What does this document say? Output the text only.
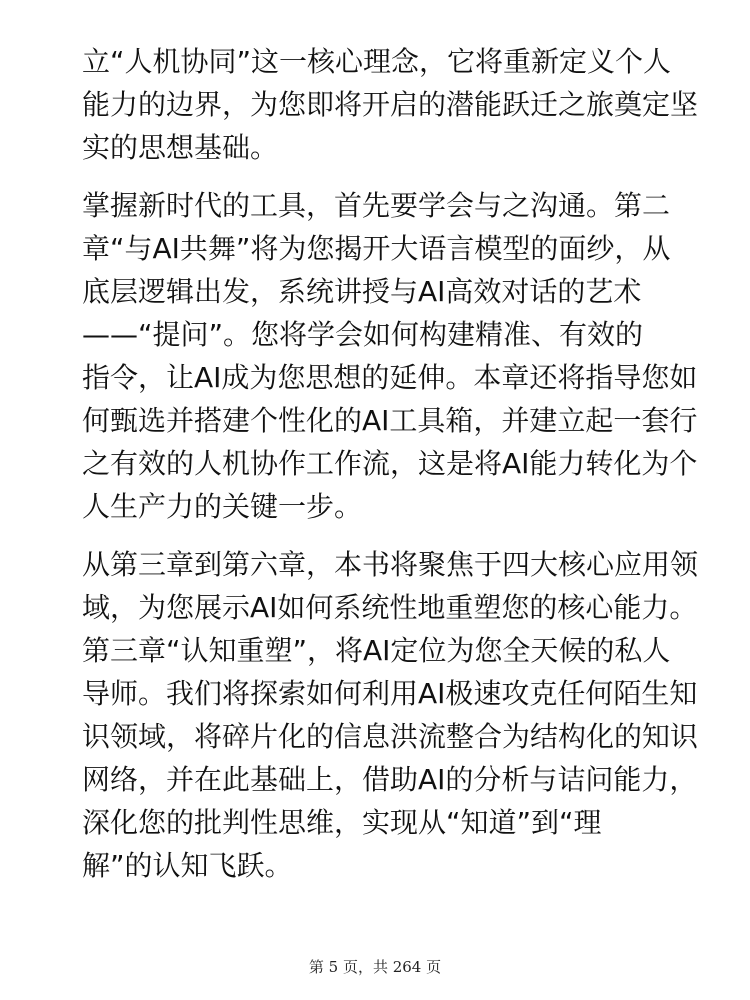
立“人机协同”这一核心理念，它将重新定义个人
能力的边界，为您即将开启的潜能跃迁之旅奠定坚
实的思想基础。

掌握新时代的工具，首先要学会与之沟通。第二
章“与AI共舞”将为您揭开大语言模型的面纱，从
底层逻辑出发，系统讲授与AI高效对话的艺术
——“提问”。您将学会如何构建精准、有效的
指令，让AI成为您思想的延伸。本章还将指导您如
何甄选并搭建个性化的AI工具箱，并建立起一套行
之有效的人机协作工作流，这是将AI能力转化为个
人生产力的关键一步。

从第三章到第六章，本书将聚焦于四大核心应用领
域，为您展示AI如何系统性地重塑您的核心能力。
第三章“认知重塑”，将AI定位为您全天候的私人
导师。我们将探索如何利用AI极速攻克任何陌生知
识领域，将碎片化的信息洪流整合为结构化的知识
网络，并在此基础上，借助AI的分析与诘问能力，
深化您的批判性思维，实现从“知道”到“理
解”的认知飞跃。

第 5 页，共 264 页
